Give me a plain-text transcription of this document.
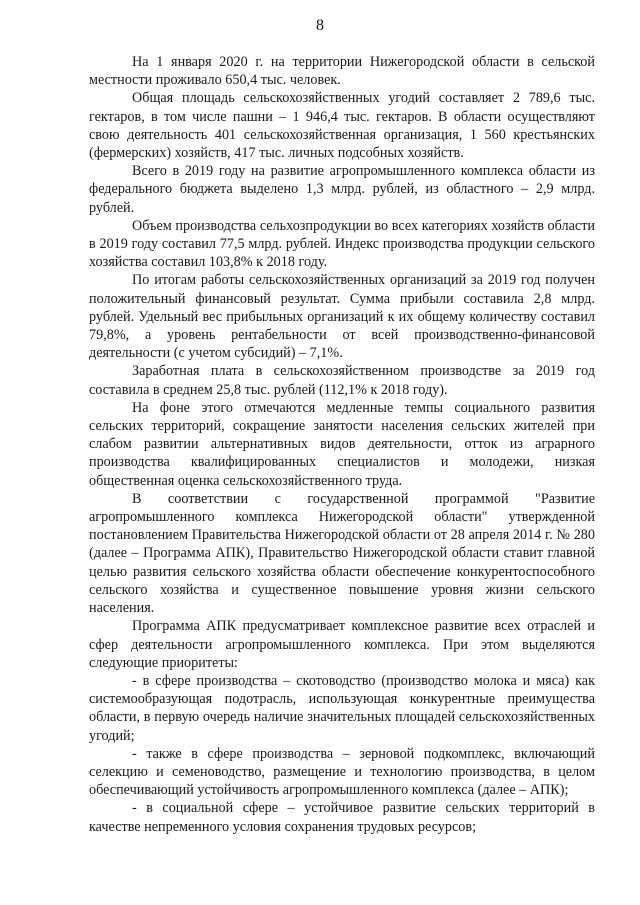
8

На 1 января 2020 г. на территории Нижегородской области в сельской местности проживало 650,4 тыс. человек.

Общая площадь сельскохозяйственных угодий составляет 2 789,6 тыс. гектаров, в том числе пашни – 1 946,4 тыс. гектаров. В области осуществляют свою деятельность 401 сельскохозяйственная организация, 1 560 крестьянских (фермерских) хозяйств, 417 тыс. личных подсобных хозяйств.

Всего в 2019 году на развитие агропромышленного комплекса области из федерального бюджета выделено 1,3 млрд. рублей, из областного – 2,9 млрд. рублей.

Объем производства сельхозпродукции во всех категориях хозяйств области в 2019 году составил 77,5 млрд. рублей. Индекс производства продукции сельского хозяйства составил 103,8% к 2018 году.

По итогам работы сельскохозяйственных организаций за 2019 год получен положительный финансовый результат. Сумма прибыли составила 2,8 млрд. рублей. Удельный вес прибыльных организаций к их общему количеству составил 79,8%, а уровень рентабельности от всей производственно-финансовой деятельности (с учетом субсидий) – 7,1%.

Заработная плата в сельскохозяйственном производстве за 2019 год составила в среднем 25,8 тыс. рублей (112,1% к 2018 году).

На фоне этого отмечаются медленные темпы социального развития сельских территорий, сокращение занятости населения сельских жителей при слабом развитии альтернативных видов деятельности, отток из аграрного производства квалифицированных специалистов и молодежи, низкая общественная оценка сельскохозяйственного труда.

В соответствии с государственной программой "Развитие агропромышленного комплекса Нижегородской области" утвержденной постановлением Правительства Нижегородской области от 28 апреля 2014 г. № 280 (далее – Программа АПК), Правительство Нижегородской области ставит главной целью развития сельского хозяйства области обеспечение конкурентоспособного сельского хозяйства и существенное повышение уровня жизни сельского населения.

Программа АПК предусматривает комплексное развитие всех отраслей и сфер деятельности агропромышленного комплекса. При этом выделяются следующие приоритеты:

- в сфере производства – скотоводство (производство молока и мяса) как системообразующая подотрасль, использующая конкурентные преимущества области, в первую очередь наличие значительных площадей сельскохозяйственных угодий;

- также в сфере производства – зерновой подкомплекс, включающий селекцию и семеноводство, размещение и технологию производства, в целом обеспечивающий устойчивость агропромышленного комплекса (далее – АПК);

- в социальной сфере – устойчивое развитие сельских территорий в качестве непременного условия сохранения трудовых ресурсов;
